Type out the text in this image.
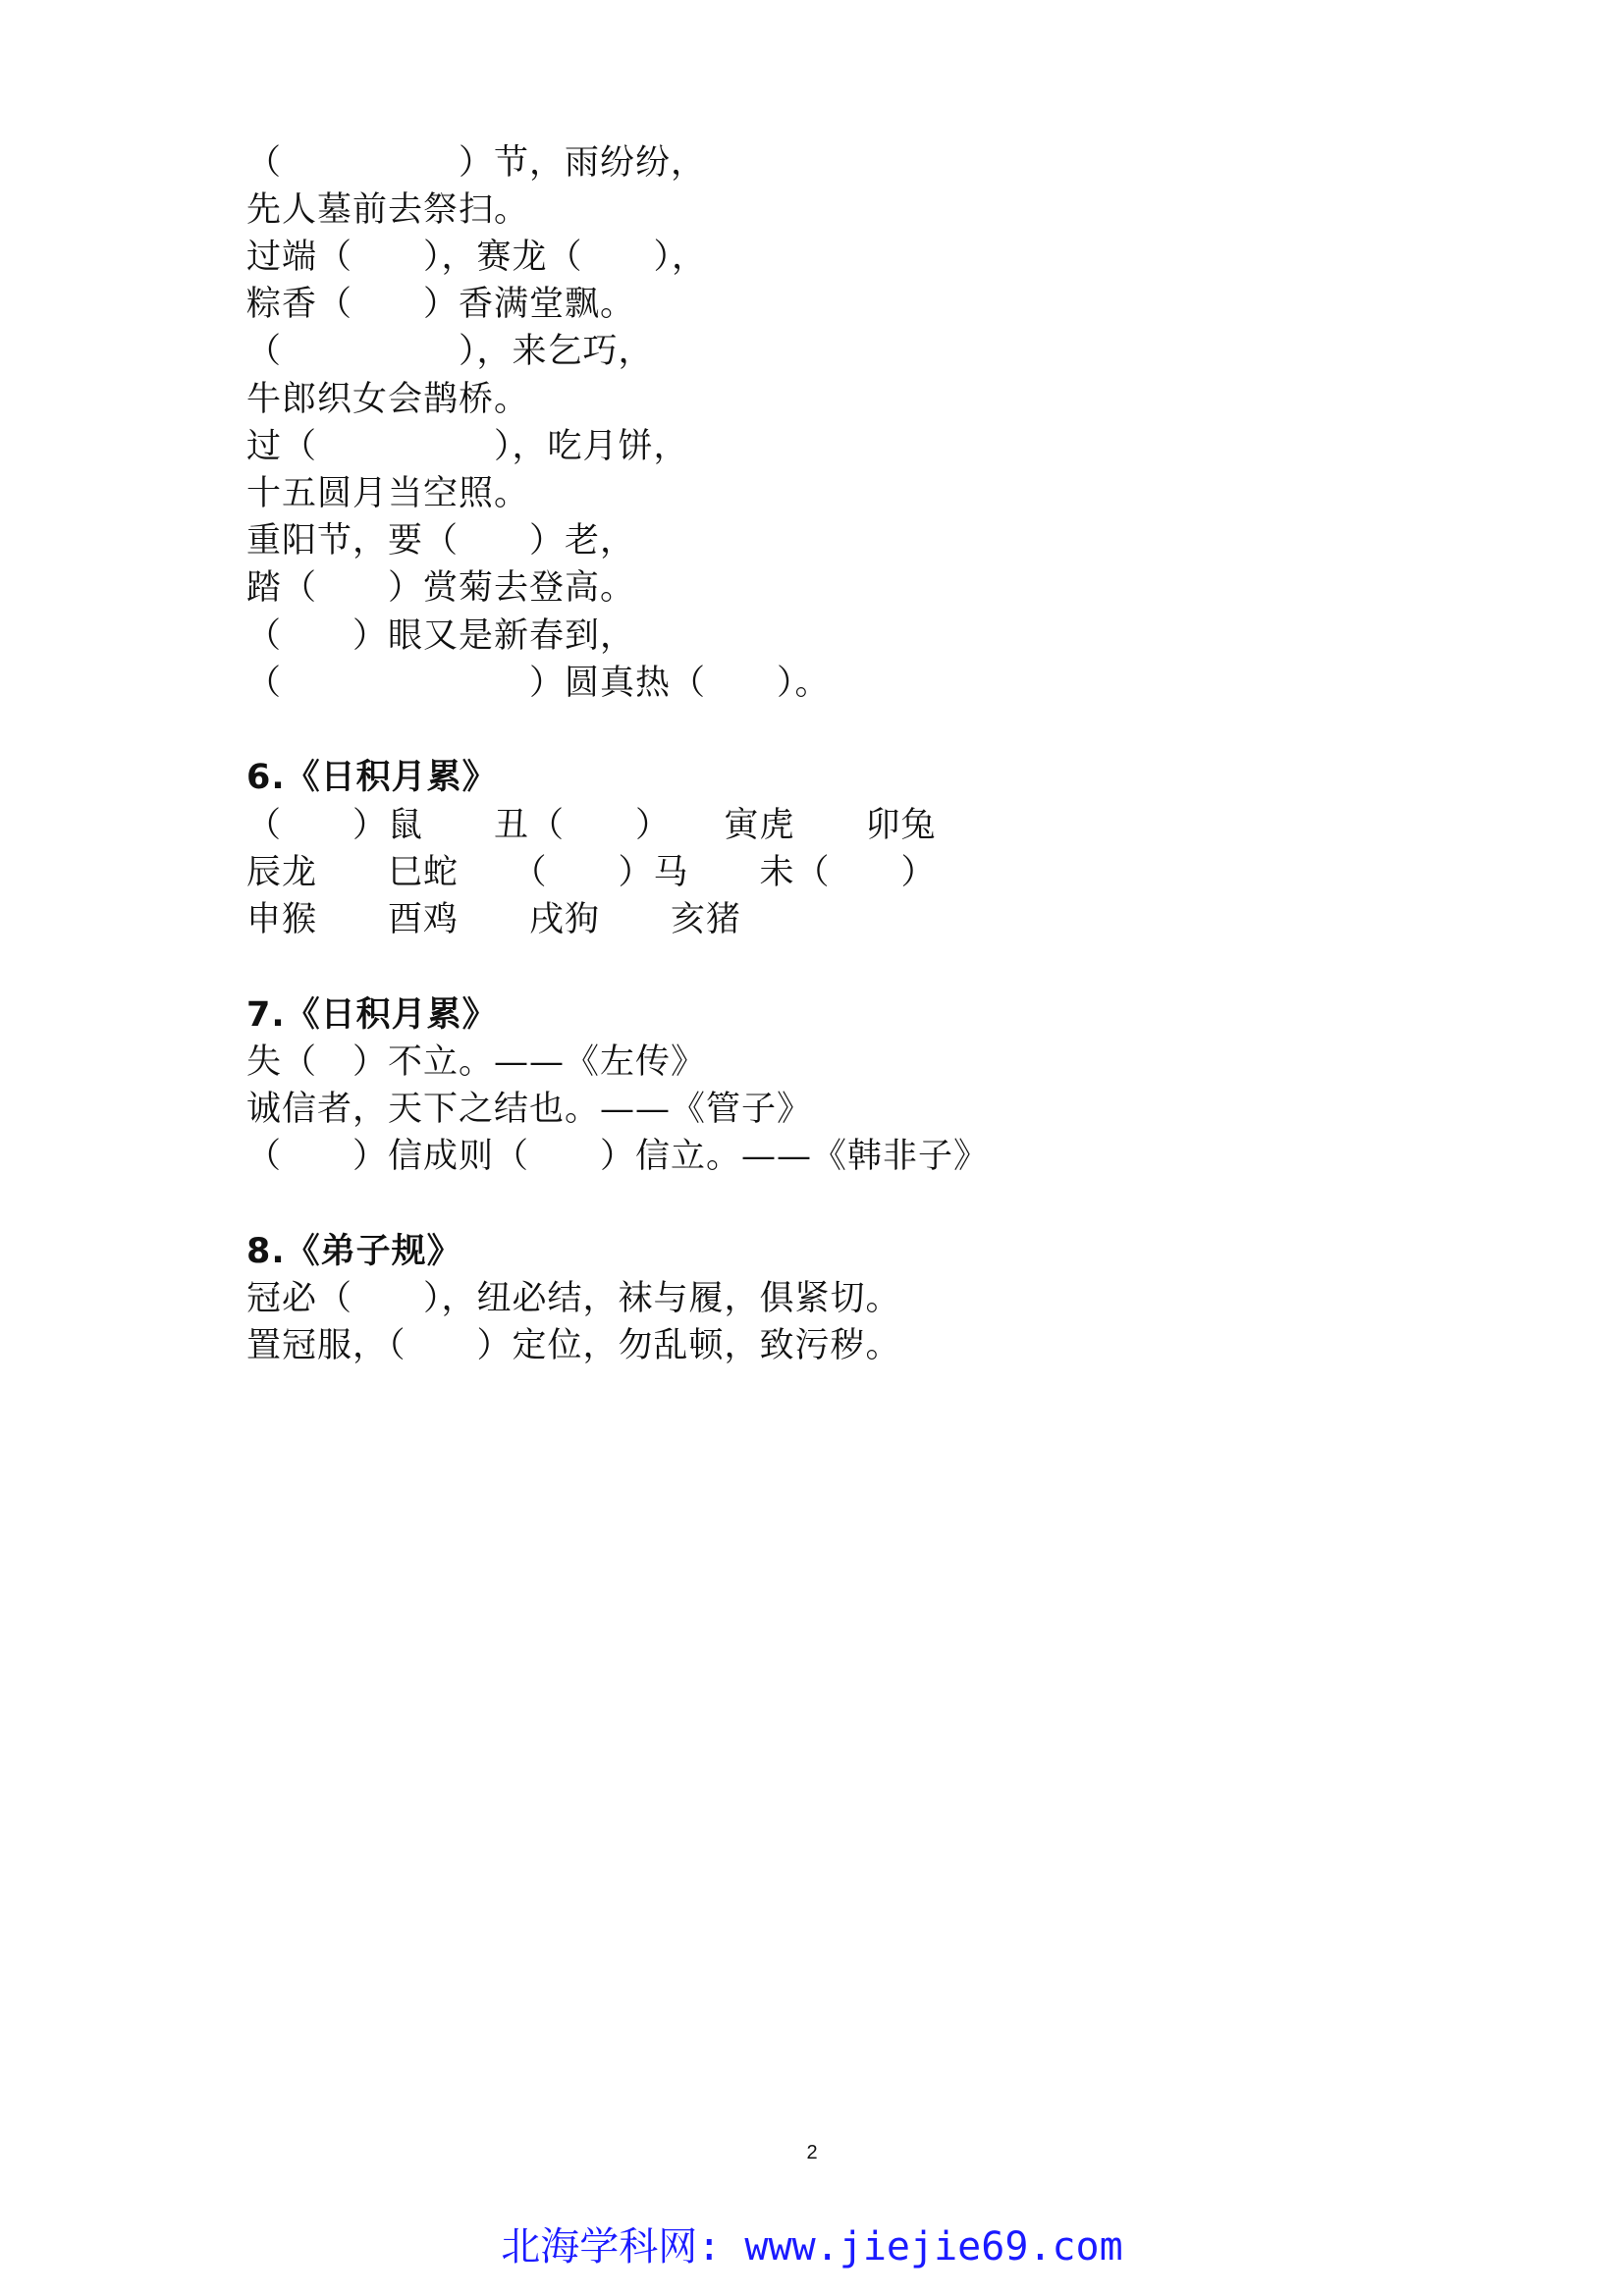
（　　　　　）节，雨纷纷，
先人墓前去祭扫。
过端（　　），赛龙（　　），
粽香（　　）香满堂飘。
（　　　　　），来乞巧，
牛郎织女会鹊桥。
过（　　　　　），吃月饼，
十五圆月当空照。
重阳节，要（　　）老，
踏（　　）赏菊去登高。
（　　）眼又是新春到，
（　　　　　　　）圆真热（　　）。
6.《日积月累》
（　　）鼠　　丑（　　）　　寅虎　　卯兔
辰龙　　巳蛇　　（　　）马　　未（　　）
申猴　　酉鸡　　戌狗　　亥猪
7.《日积月累》
失（　）不立。——《左传》
诚信者，天下之结也。——《管子》
（　　）信成则（　　）信立。——《韩非子》
8.《弟子规》
冠必（　　），纽必结，袜与履，俱紧切。
置冠服，（　　）定位，勿乱顿，致污秽。
2
北海学科网: www.jiejie69.com
